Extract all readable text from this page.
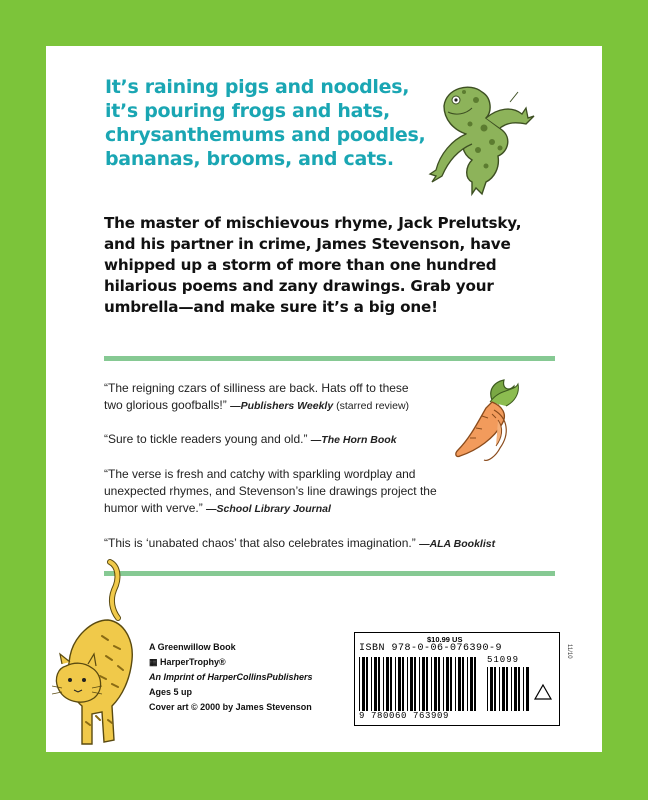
It’s raining pigs and noodles,
it’s pouring frogs and hats,
chrysanthemums and poodles,
bananas, brooms, and cats.
The master of mischievous rhyme, Jack Prelutsky,
and his partner in crime, James Stevenson, have
whipped up a storm of more than one hundred
hilarious poems and zany drawings. Grab your
umbrella—and make sure it’s a big one!
“The reigning czars of silliness are back. Hats off to these
two glorious goofballs!” —Publishers Weekly (starred review)
“Sure to tickle readers young and old.” —The Horn Book
“The verse is fresh and catchy with sparkling wordplay and
unexpected rhymes, and Stevenson’s line drawings project the
humor with verve.” —School Library Journal
“This is ‘unabated chaos’ that also celebrates imagination.” —ALA Booklist
A Greenwillow Book
▦ HarperTrophy®
An Imprint of HarperCollinsPublishers
Ages 5 up
Cover art © 2000 by James Stevenson
$10.99 US
ISBN 978-0-06-076390-9
51099
9 780060 763909
11/10
